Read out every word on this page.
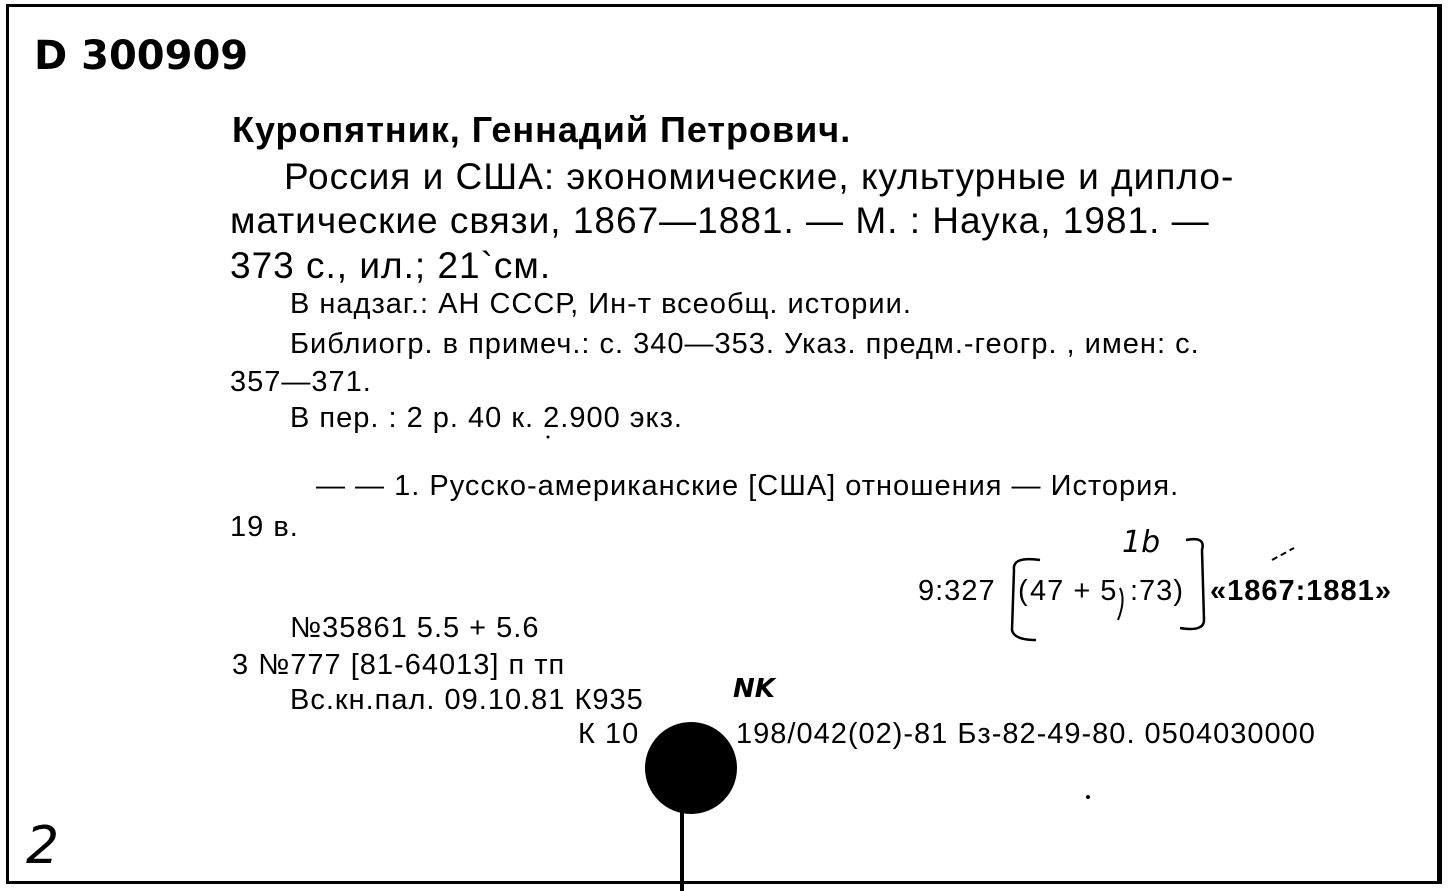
D 300909
Куропятник, Геннадий Петрович.
Россия и США: экономические, культурные и дипло-
матические связи, 1867—1881. — М. : Наука, 1981. —
373 с., ил.; 21`см.
В надзаг.: АН СССР, Ин-т всеобщ. истории.
Библиогр. в примеч.: с. 340—353. Указ. предм.-геогр. , имен: с.
357—371.
В пер. : 2 р. 40 к. 2.900 экз.
— — 1. Русско-американские [США] отношения — История.
19 в.	1b
9:327 ( 47 + 5 :73) «1867:1881»
№35861 5.5 + 5.6
3 №777 [81-64013] п тп
Вс.кн.пал. 09.10.81 К935	NK
К 10	198/042(02)-81 Бз-82-49-80. 0504030000
2
